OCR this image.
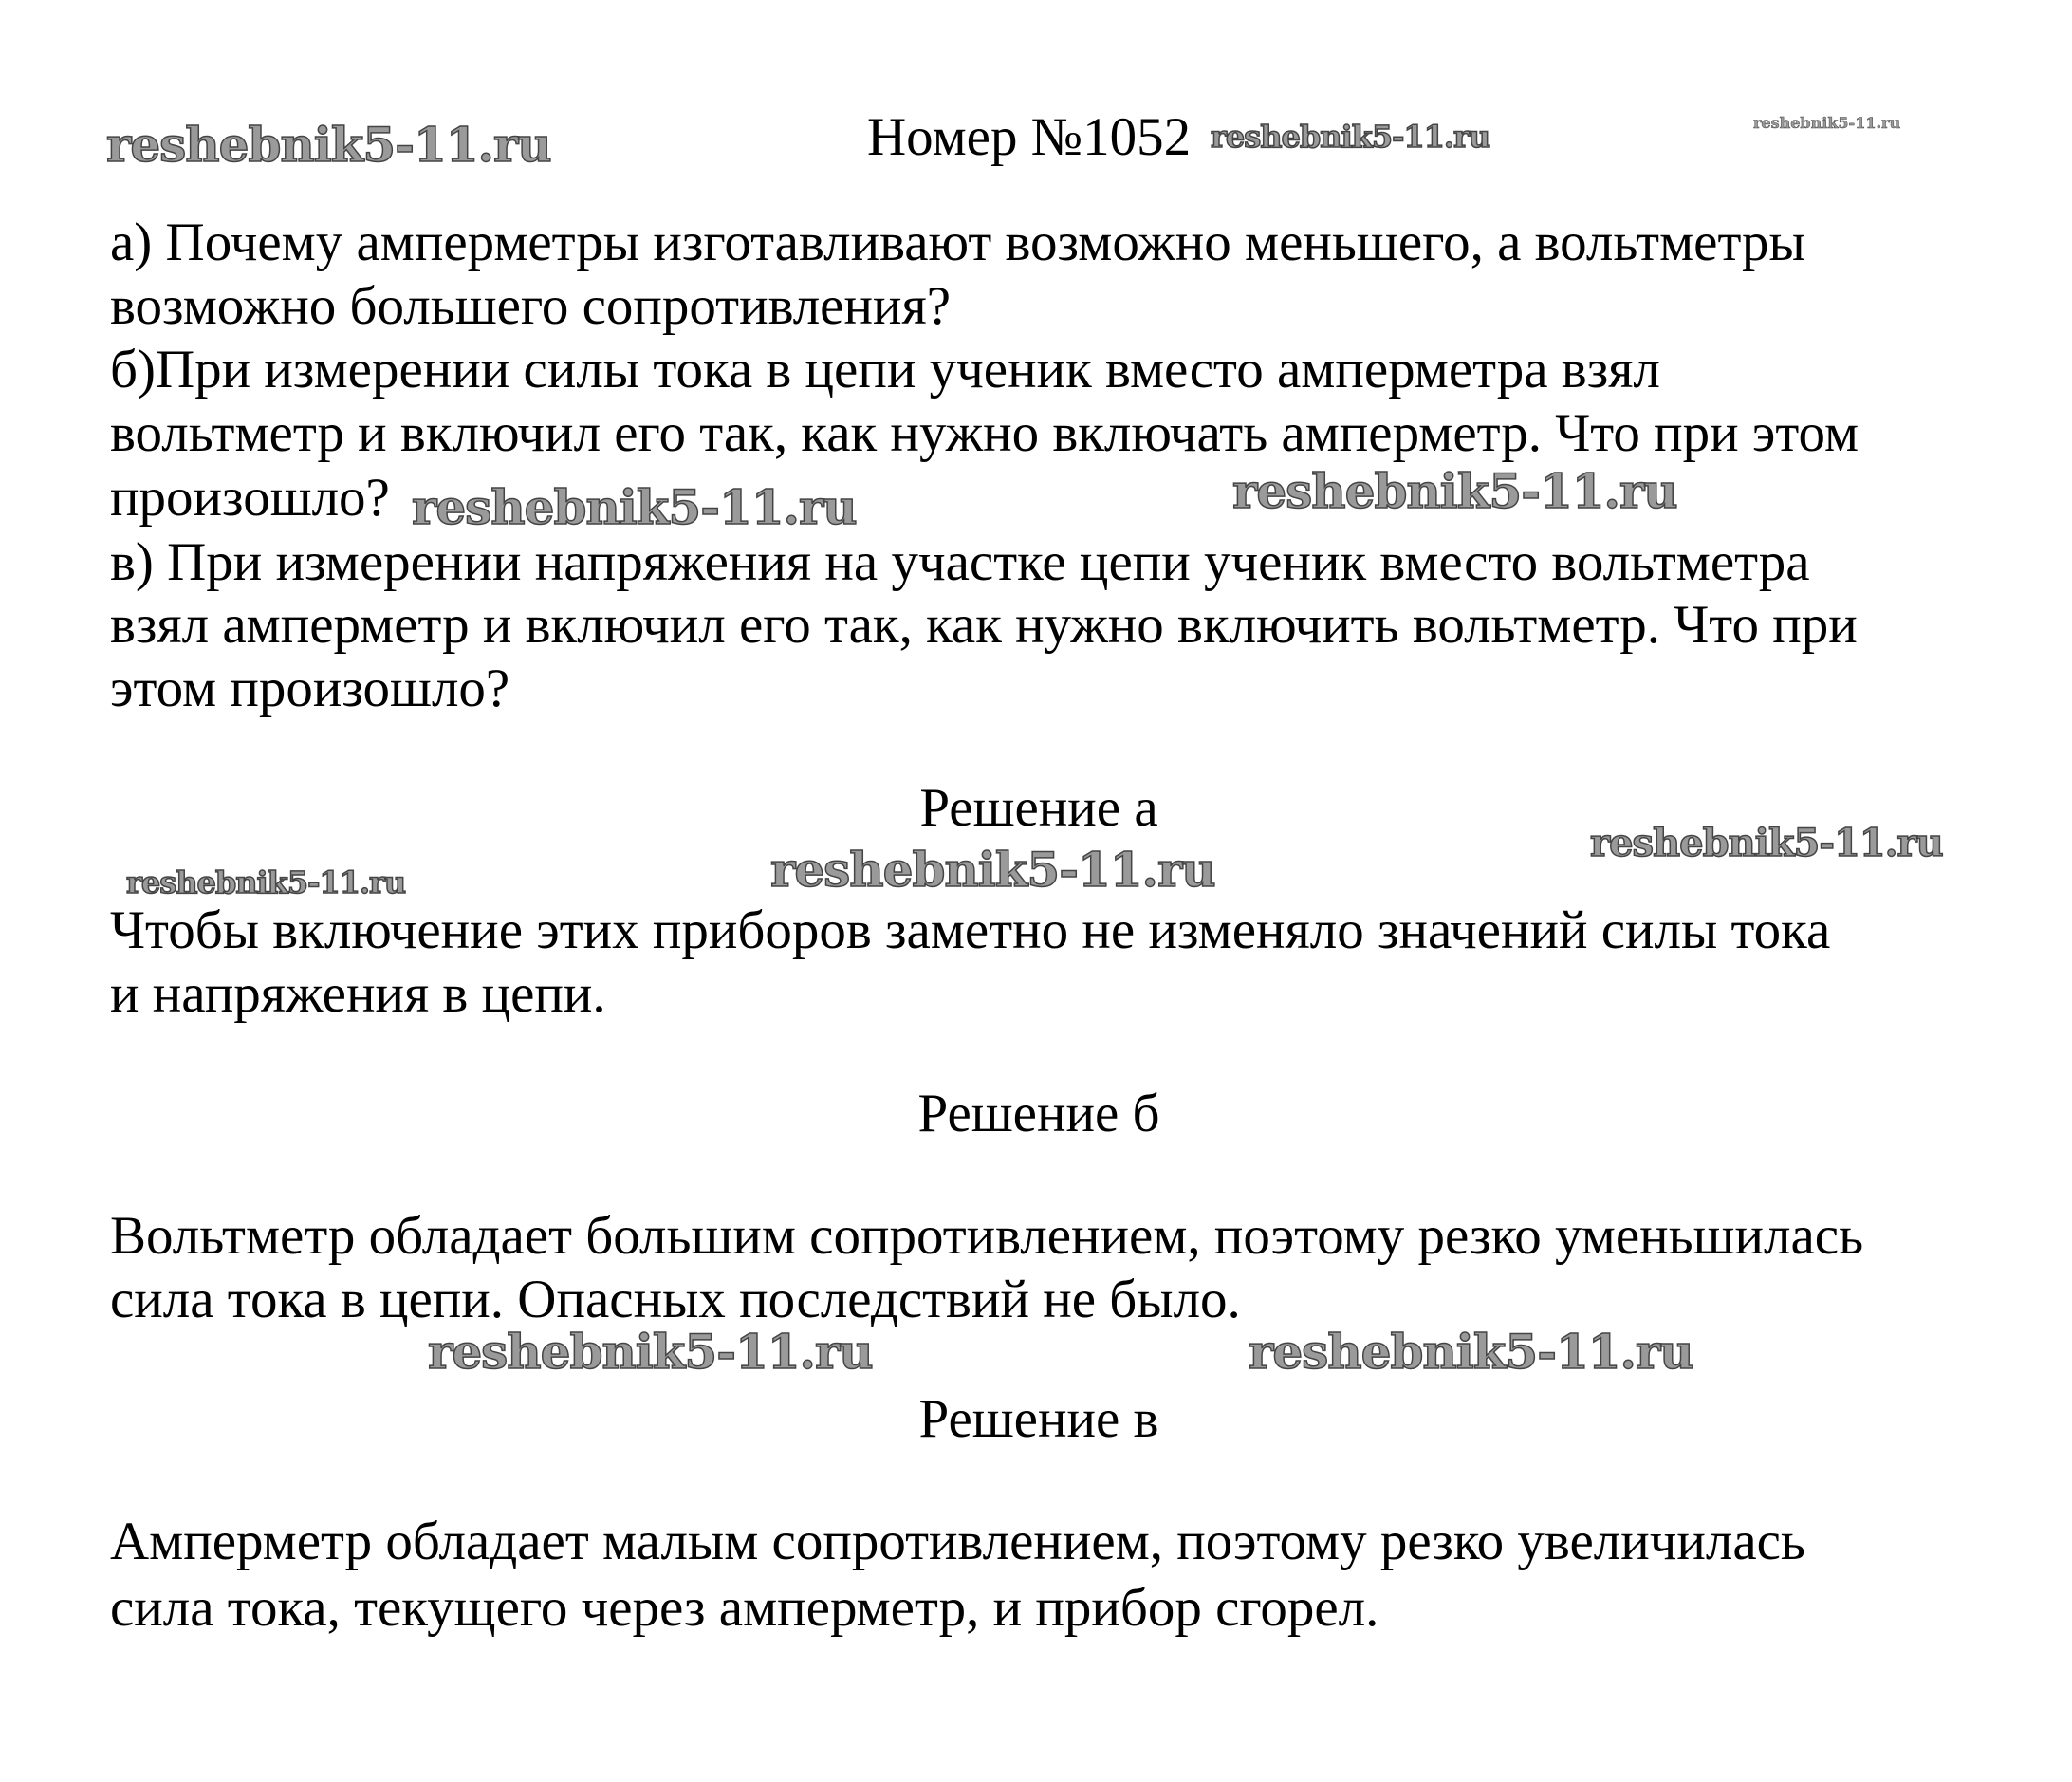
Номер №1052
reshebnik5-11.ru	reshebnik5-11.ru	reshebnik5-11.ru
reshebnik5-11.ru	reshebnik5-11.ru
reshebnik5-11.ru	reshebnik5-11.ru	reshebnik5-11.ru
reshebnik5-11.ru	reshebnik5-11.ru
а) Почему амперметры изготавливают возможно меньшего, а вольтметры
возможно большего сопротивления?
б)При измерении силы тока в цепи ученик вместо амперметра взял
вольтметр и включил его так, как нужно включать амперметр. Что при этом
произошло?
в) При измерении напряжения на участке цепи ученик вместо вольтметра
взял амперметр и включил его так, как нужно включить вольтметр. Что при
этом произошло?
Решение а
Чтобы включение этих приборов заметно не изменяло значений силы тока
и напряжения в цепи.
Решение б
Вольтметр обладает большим сопротивлением, поэтому резко уменьшилась
сила тока в цепи. Опасных последствий не было.
Решение в
Амперметр обладает малым сопротивлением, поэтому резко увеличилась
сила тока, текущего через амперметр, и прибор сгорел.
